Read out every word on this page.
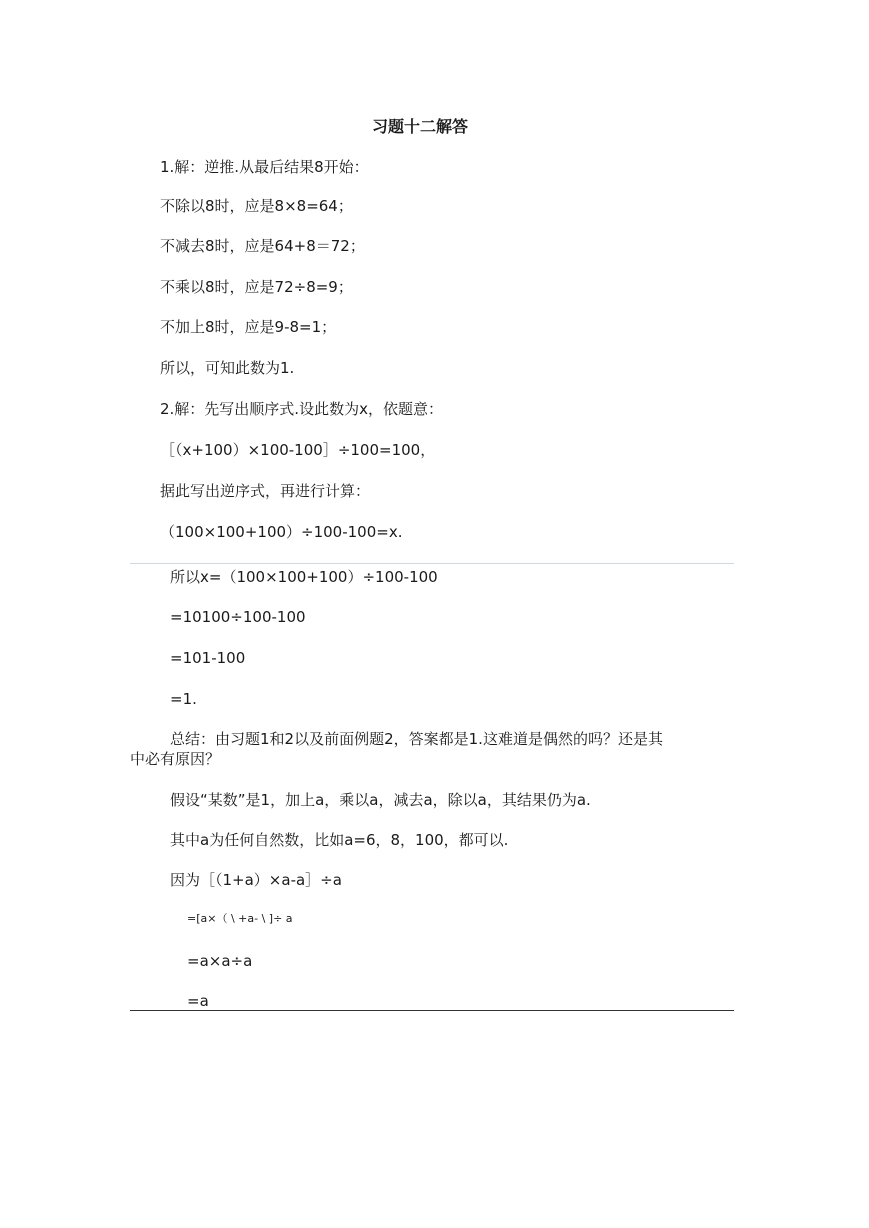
习题十二解答
1.解：逆推.从最后结果8开始：
不除以8时，应是8×8=64；
不减去8时，应是64+8＝72；
不乘以8时，应是72÷8=9；
不加上8时，应是9-8=1；
所以，可知此数为1.
2.解：先写出顺序式.设此数为x，依题意：
［（x+100）×100-100］÷100=100，
据此写出逆序式，再进行计算：
（100×100+100）÷100-100=x.
所以x=（100×100+100）÷100-100
=10100÷100-100
=101-100
=1.
总结：由习题1和2以及前面例题2，答案都是1.这难道是偶然的吗？还是其
中必有原因？
假设“某数”是1，加上a，乘以a，减去a，除以a，其结果仍为a.
其中a为任何自然数，比如a=6，8，100，都可以.
因为［（1+a）×a-a］÷a
=[a×（ \ +a- \ ]÷ a
=a×a÷a
=a
